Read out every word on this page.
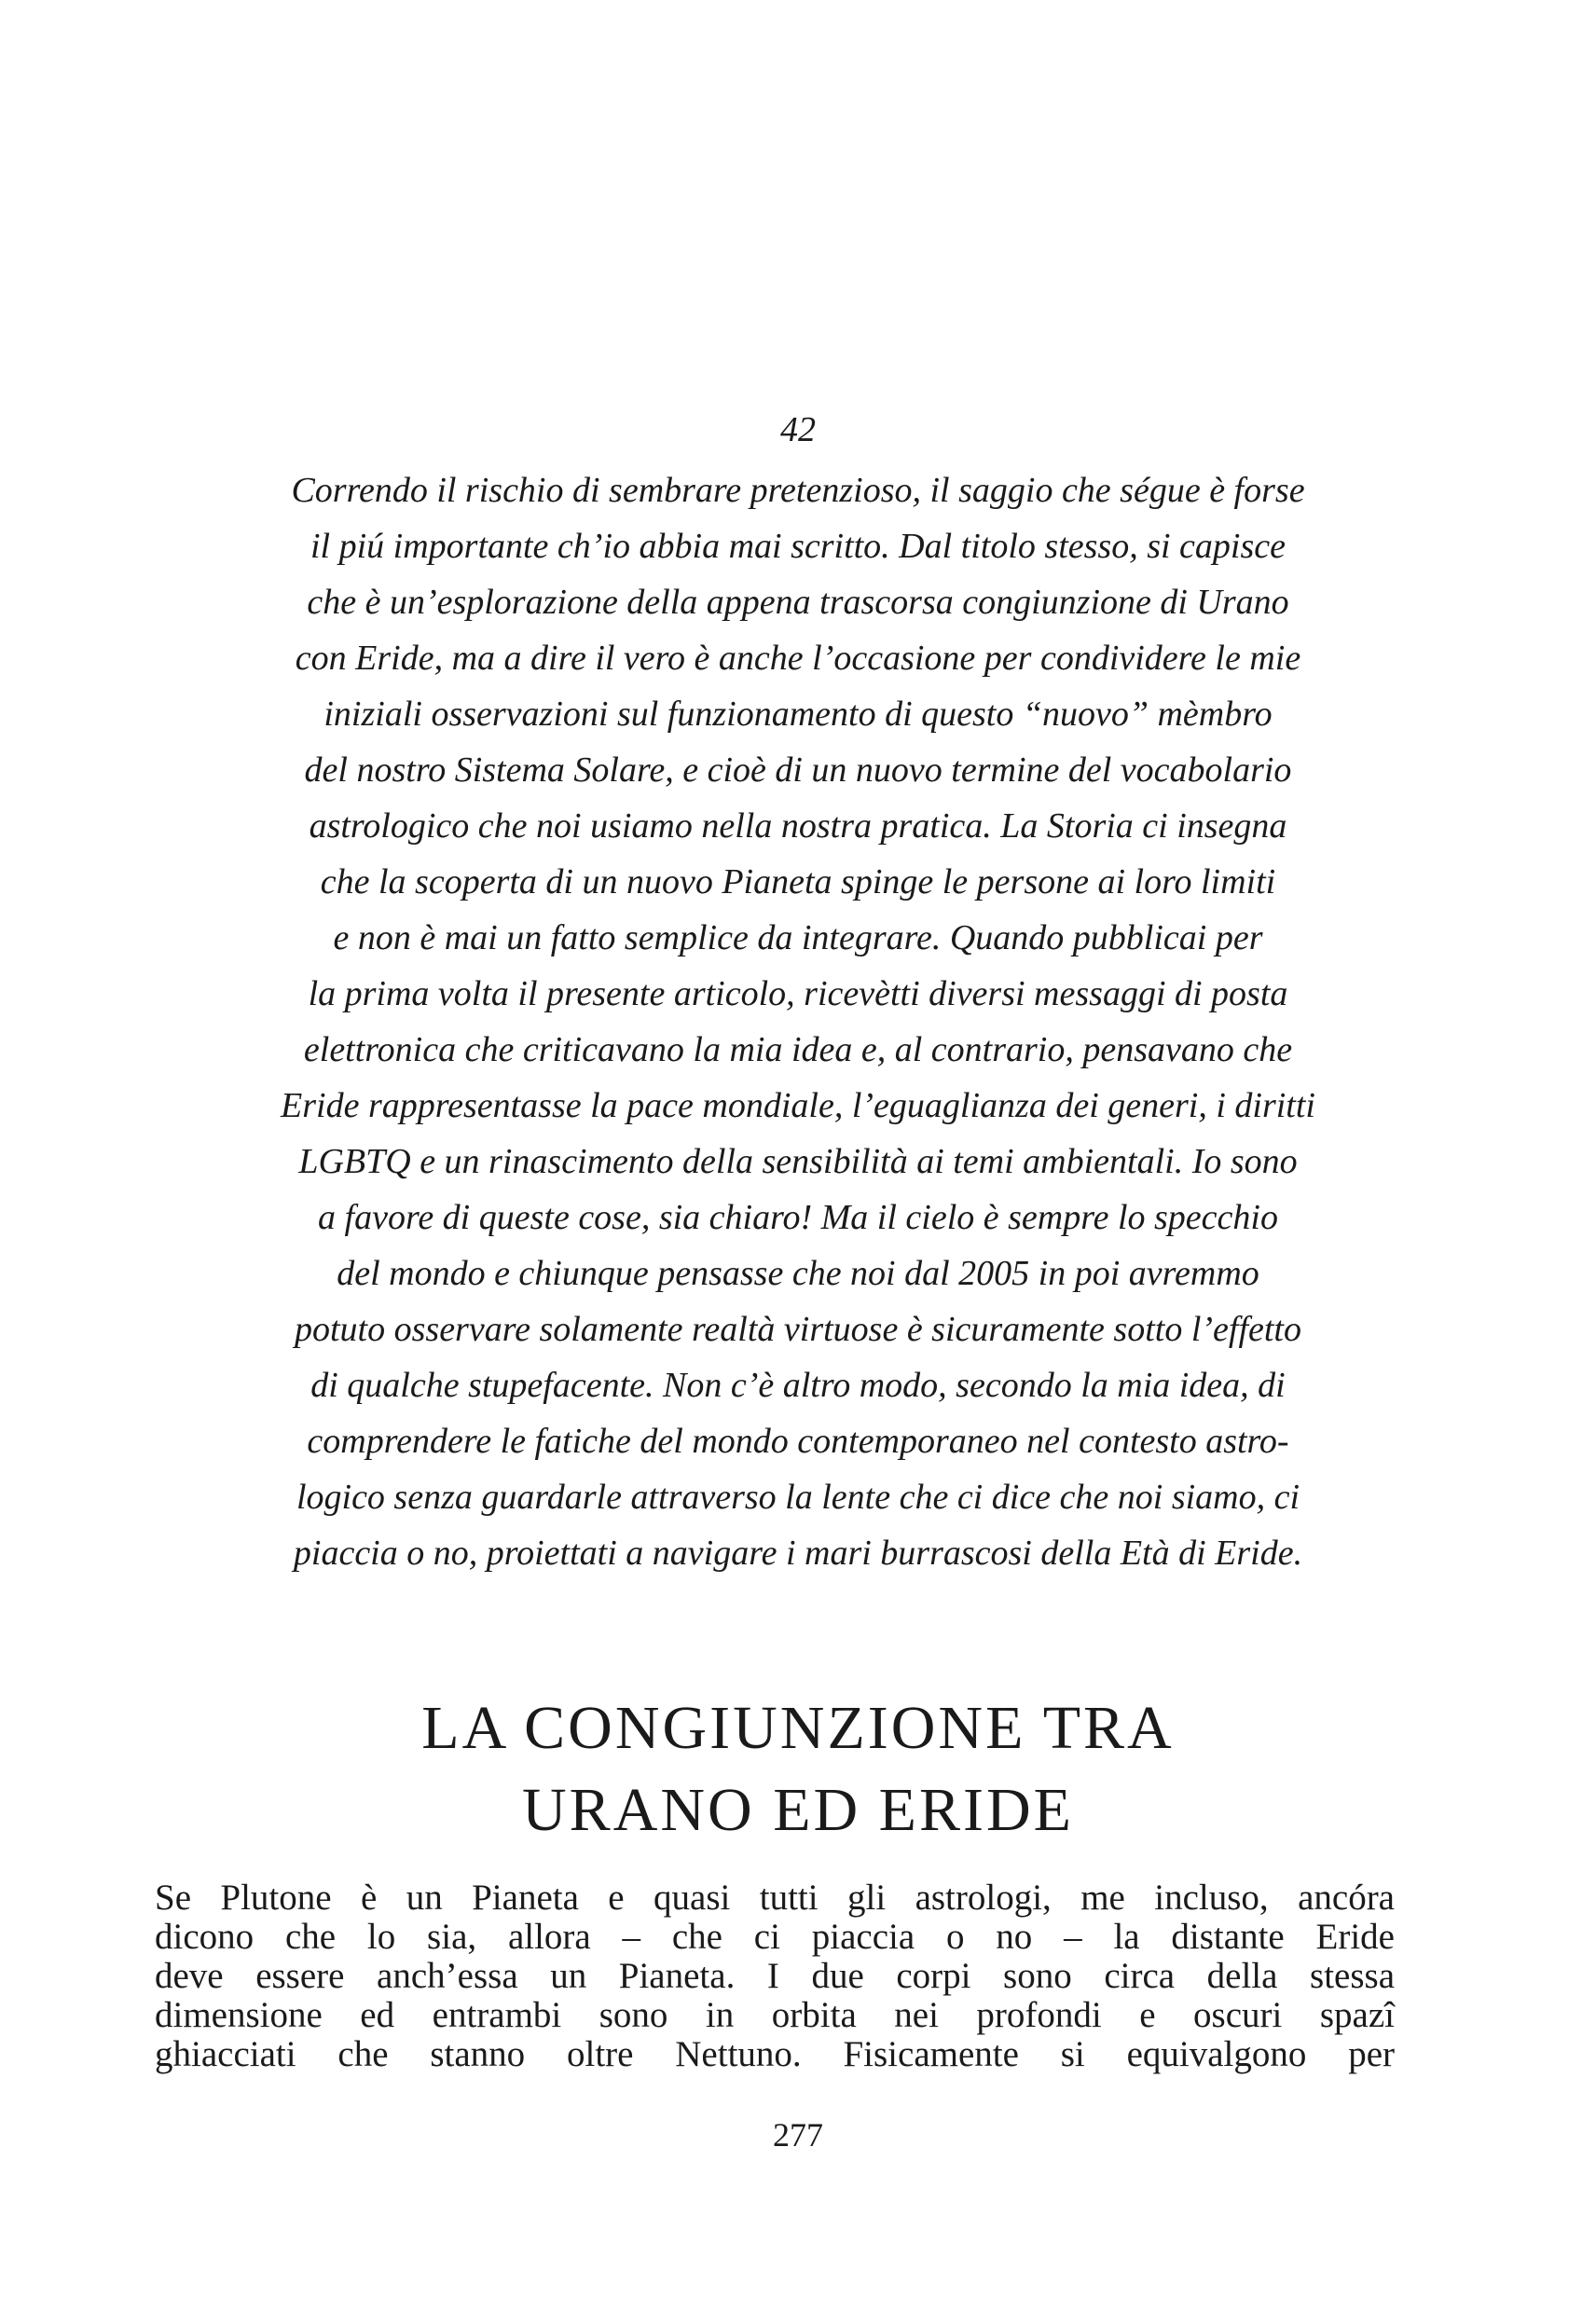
42
Correndo il rischio di sembrare pretenzioso, il saggio che ségue è forse
il piú importante ch’io abbia mai scritto. Dal titolo stesso, si capisce
che è un’esplorazione della appena trascorsa congiunzione di Urano
con Eride, ma a dire il vero è anche l’occasione per condividere le mie
iniziali osservazioni sul funzionamento di questo “nuovo” mèmbro
del nostro Sistema Solare, e cioè di un nuovo termine del vocabolario
astrologico che noi usiamo nella nostra pratica. La Storia ci insegna
che la scoperta di un nuovo Pianeta spinge le persone ai loro limiti
e non è mai un fatto semplice da integrare. Quando pubblicai per
la prima volta il presente articolo, ricevètti diversi messaggi di posta
elettronica che criticavano la mia idea e, al contrario, pensavano che
Eride rappresentasse la pace mondiale, l’eguaglianza dei generi, i diritti
LGBTQ e un rinascimento della sensibilità ai temi ambientali. Io sono
a favore di queste cose, sia chiaro! Ma il cielo è sempre lo specchio
del mondo e chiunque pensasse che noi dal 2005 in poi avremmo
potuto osservare solamente realtà virtuose è sicuramente sotto l’effetto
di qualche stupefacente. Non c’è altro modo, secondo la mia idea, di
comprendere le fatiche del mondo contemporaneo nel contesto astro-
logico senza guardarle attraverso la lente che ci dice che noi siamo, ci
piaccia o no, proiettati a navigare i mari burrascosi della Età di Eride.
LA CONGIUNZIONE TRA
URANO ED ERIDE
Se Plutone è un Pianeta e quasi tutti gli astrologi, me incluso, ancóra
dicono che lo sia, allora – che ci piaccia o no – la distante Eride
deve essere anch’essa un Pianeta. I due corpi sono circa della stessa
dimensione ed entrambi sono in orbita nei profondi e oscuri spazî
ghiacciati che stanno oltre Nettuno. Fisicamente si equivalgono per
277
